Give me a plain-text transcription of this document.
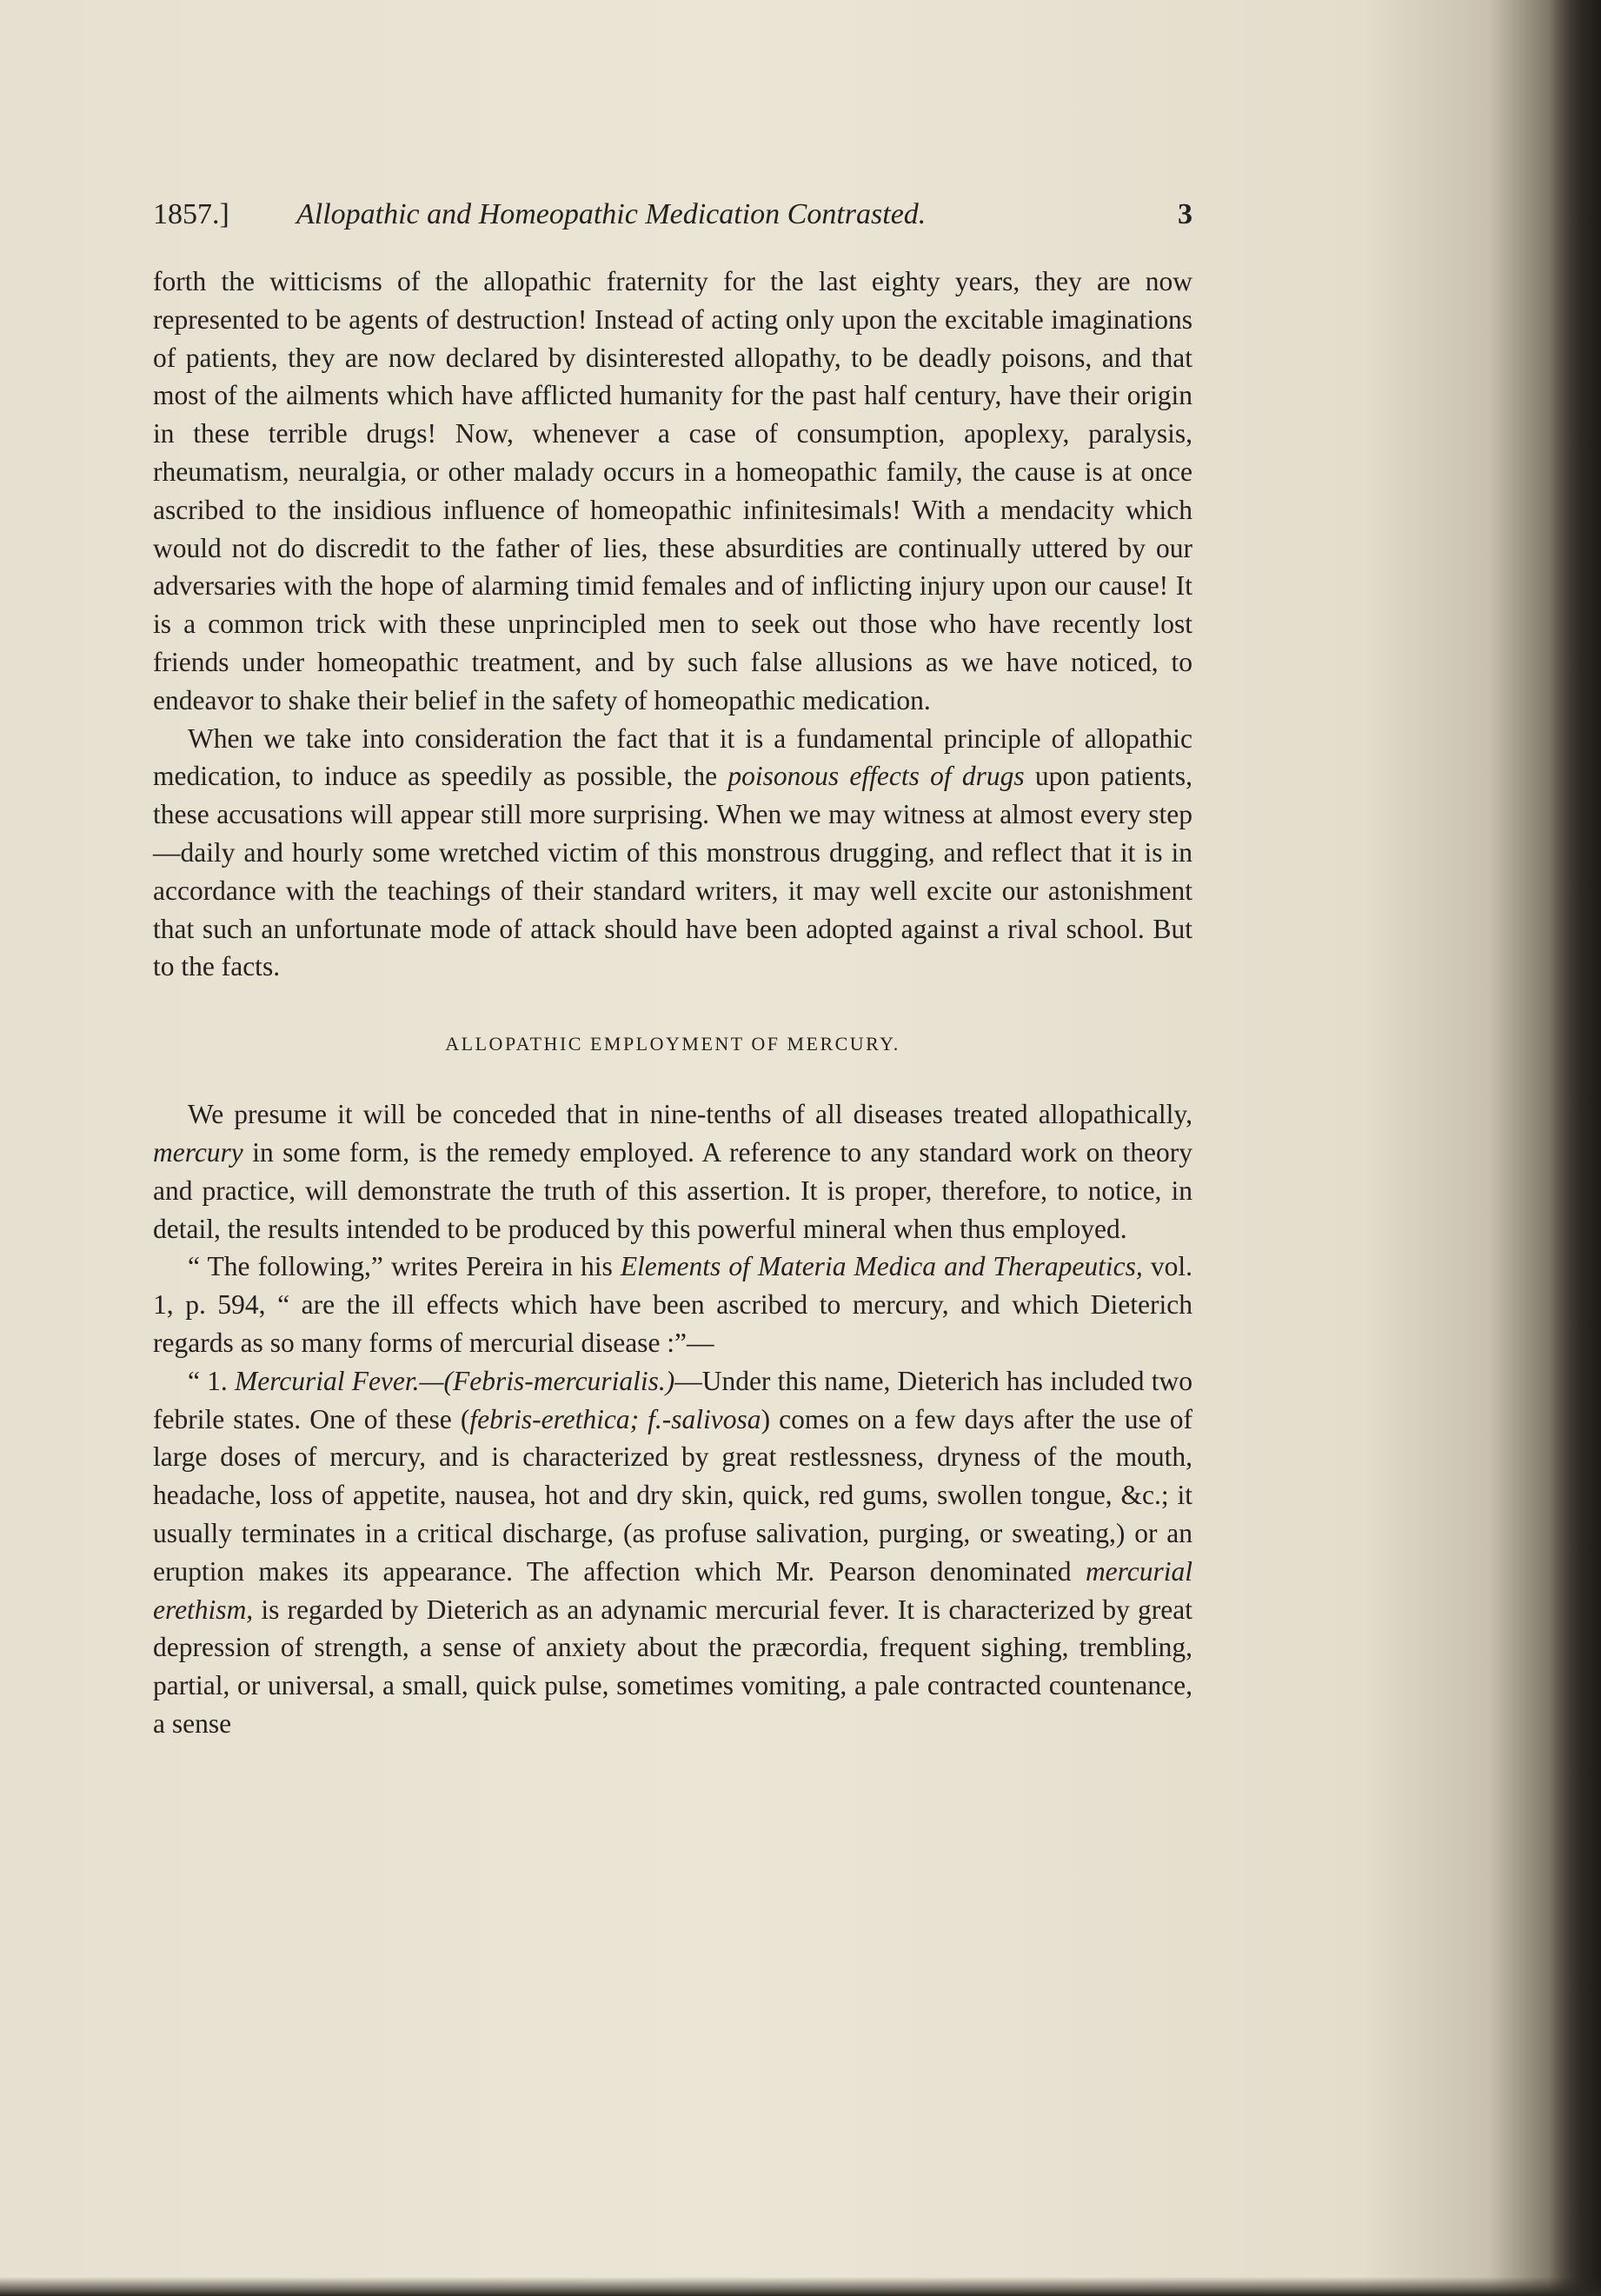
1857.] Allopathic and Homeopathic Medication Contrasted.	3

forth the witticisms of the allopathic fraternity for the last eighty years, they are now represented to be agents of destruction! Instead of acting only upon the excitable imaginations of patients, they are now declared by disinterested allopathy, to be deadly poisons, and that most of the ailments which have afflicted humanity for the past half century, have their origin in these terrible drugs! Now, whenever a case of consumption, apoplexy, paralysis, rheumatism, neuralgia, or other malady occurs in a homeopathic family, the cause is at once ascribed to the insidious influence of homeopathic infinitesimals! With a mendacity which would not do discredit to the father of lies, these absurdities are continually uttered by our adversaries with the hope of alarming timid females and of inflicting injury upon our cause! It is a common trick with these unprincipled men to seek out those who have recently lost friends under homeopathic treatment, and by such false allusions as we have noticed, to endeavor to shake their belief in the safety of homeopathic medication.

When we take into consideration the fact that it is a fundamental principle of allopathic medication, to induce as speedily as possible, the poisonous effects of drugs upon patients, these accusations will appear still more surprising. When we may witness at almost every step—daily and hourly some wretched victim of this monstrous drugging, and reflect that it is in accordance with the teachings of their standard writers, it may well excite our astonishment that such an unfortunate mode of attack should have been adopted against a rival school. But to the facts.

ALLOPATHIC EMPLOYMENT OF MERCURY.

We presume it will be conceded that in nine-tenths of all diseases treated allopathically, mercury in some form, is the remedy employed. A reference to any standard work on theory and practice, will demonstrate the truth of this assertion. It is proper, therefore, to notice, in detail, the results intended to be produced by this powerful mineral when thus employed.

“ The following,” writes Pereira in his Elements of Materia Medica and Therapeutics, vol. 1, p. 594, “ are the ill effects which have been ascribed to mercury, and which Dieterich regards as so many forms of mercurial disease :”—

“ 1. Mercurial Fever.—(Febris-mercurialis.)—Under this name, Dieterich has included two febrile states. One of these (febris-erethica; f.-salivosa) comes on a few days after the use of large doses of mercury, and is characterized by great restlessness, dryness of the mouth, headache, loss of appetite, nausea, hot and dry skin, quick, red gums, swollen tongue, &c.; it usually terminates in a critical discharge, (as profuse salivation, purging, or sweating,) or an eruption makes its appearance. The affection which Mr. Pearson denominated mercurial erethism, is regarded by Dieterich as an adynamic mercurial fever. It is characterized by great depression of strength, a sense of anxiety about the præcordia, frequent sighing, trembling, partial, or universal, a small, quick pulse, sometimes vomiting, a pale contracted countenance, a sense
